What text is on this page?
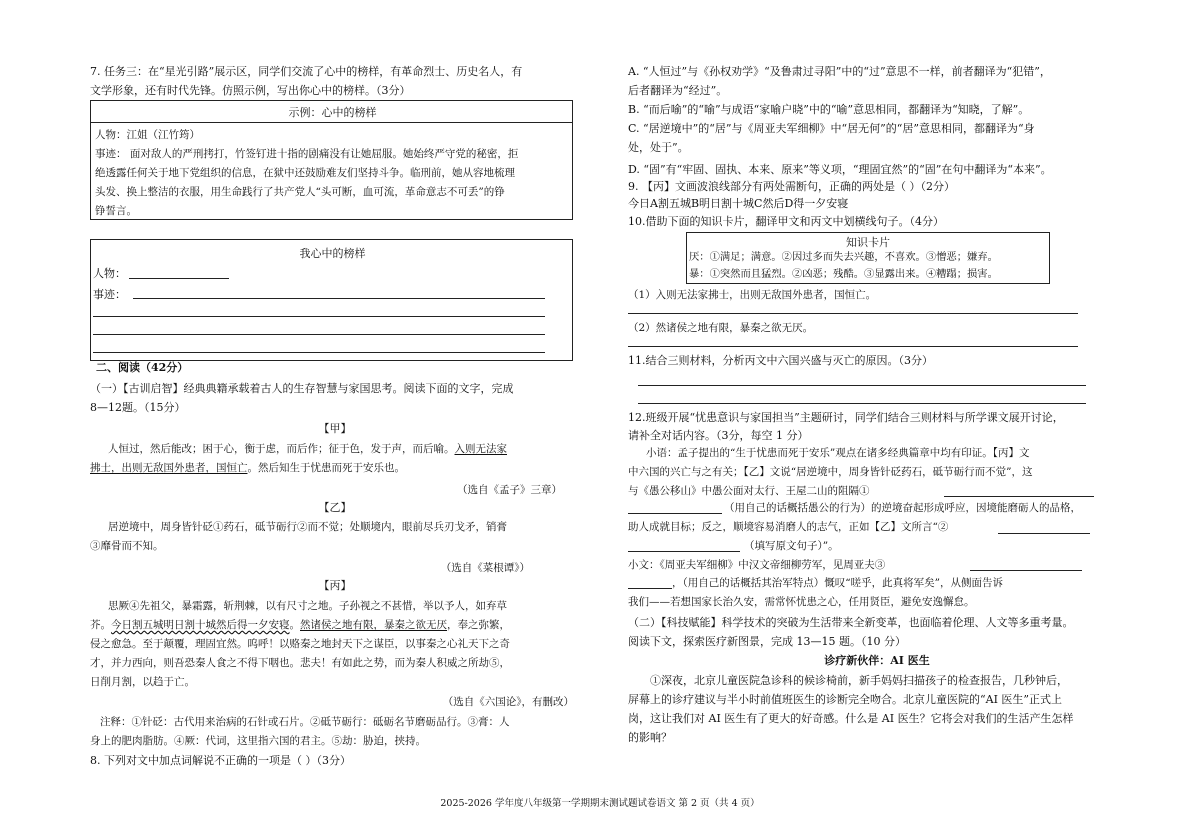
7. 任务三：在“星光引路”展示区，同学们交流了心中的榜样，有革命烈士、历史名人，有
文学形象，还有时代先锋。仿照示例，写出你心中的榜样。（3分）
示例：心中的榜样
人物：江姐（江竹筠）
事迹： 面对敌人的严刑拷打，竹签钉进十指的剧痛没有让她屈服。她始终严守党的秘密，拒
绝透露任何关于地下党组织的信息，在狱中还鼓励难友们坚持斗争。临刑前，她从容地梳理
头发、换上整洁的衣服，用生命践行了共产党人“头可断，血可流，革命意志不可丢”的铮
铮誓言。
我心中的榜样
人物：
事迹：
二、阅读（42分）
（一）【古训启智】经典典籍承载着古人的生存智慧与家国思考。阅读下面的文字，完成
8—12题。（15分）
【甲】
人恒过，然后能改；困于心，衡于虑，而后作；征于色，发于声，而后喻。入则无法家
拂士，出则无敌国外患者，国恒亡。然后知生于忧患而死于安乐也。
（选自《孟子》三章）
【乙】
居逆境中，周身皆针砭①药石，砥节砺行②而不觉；处顺境内，眼前尽兵刃戈矛，销膏
③靡骨而不知。
（选自《菜根谭》）
【丙】
思厥④先祖父，暴霜露，斩荆棘，以有尺寸之地。子孙视之不甚惜，举以予人，如弃草
芥。今日割五城明日割十城然后得一夕安寝。然诸侯之地有限，暴秦之欲无厌，奉之弥繁，
侵之愈急。至于颠覆，理固宜然。呜呼！以赂秦之地封天下之谋臣，以事秦之心礼天下之奇
才，并力西向，则吾恐秦人食之不得下咽也。悲夫！有如此之势，而为秦人积威之所劫⑤，
日削月割，以趋于亡。
（选自《六国论》，有删改）
注释：①针砭：古代用来治病的石针或石片。②砥节砺行：砥砺名节磨砺品行。③膏：人
身上的肥肉脂肪。④厥：代词，这里指六国的君主。⑤劫：胁迫，挟持。
8. 下列对文中加点词解说不正确的一项是（ ）（3分）
A. “人恒过”与《孙权劝学》“及鲁肃过寻阳”中的“过”意思不一样，前者翻译为“犯错”，
后者翻译为“经过”。
B. “而后喻”的“喻”与成语“家喻户晓”中的“喻”意思相同，都翻译为“知晓，了解”。
C. “居逆境中”的“居”与《周亚夫军细柳》中“居无何”的“居”意思相同，都翻译为“身
处，处于”。
D. “固”有“牢固、固执、本来、原来”等义项，“理固宜然”的“固”在句中翻译为“本来”。
9. 【丙】文画波浪线部分有两处需断句，正确的两处是（ ）（2分）
今日A割五城B明日割十城C然后D得一夕安寝
10.借助下面的知识卡片，翻译甲文和丙文中划横线句子。（4分）
知识卡片
厌：①满足；满意。②因过多而失去兴趣，不喜欢。③憎恶；嫌弃。
暴：①突然而且猛烈。②凶恶；残酷。③显露出来。④糟蹋；损害。
（1）入则无法家拂士，出则无敌国外患者，国恒亡。
（2）然诸侯之地有限，暴秦之欲无厌。
11.结合三则材料，分析丙文中六国兴盛与灭亡的原因。（3分）
12.班级开展“忧患意识与家国担当”主题研讨，同学们结合三则材料与所学课文展开讨论，
请补全对话内容。（3分，每空 1 分）
小语：孟子提出的“生于忧患而死于安乐”观点在诸多经典篇章中均有印证。【丙】文
中六国的兴亡与之有关；【乙】文说“居逆境中，周身皆针砭药石，砥节砺行而不觉”，这
与《愚公移山》中愚公面对太行、王屋二山的阻隔①
（用自己的话概括愚公的行为）的逆境奋起形成呼应，因境能磨砺人的品格，
助人成就目标；反之，顺境容易消磨人的志气，正如【乙】文所言“②
（填写原文句子）”。
小文：《周亚夫军细柳》中汉文帝细柳劳军，见周亚夫③
，（用自己的话概括其治军特点）慨叹“嗟乎，此真将军矣”，从侧面告诉
我们——若想国家长治久安，需常怀忧患之心，任用贤臣，避免安逸懈怠。
（二）【科技赋能】科学技术的突破为生活带来全新变革，也面临着伦理、人文等多重考量。
阅读下文，探索医疗新图景，完成 13—15 题。（10 分）
诊疗新伙伴：AI 医生
①深夜，北京儿童医院急诊科的候诊椅前，新手妈妈扫描孩子的检查报告，几秒钟后，
屏幕上的诊疗建议与半小时前值班医生的诊断完全吻合。北京儿童医院的“AI 医生”正式上
岗，这让我们对 AI 医生有了更大的好奇感。什么是 AI 医生？它将会对我们的生活产生怎样
的影响？
2025-2026 学年度八年级第一学期期末测试题试卷语文 第 2 页（共 4 页）
